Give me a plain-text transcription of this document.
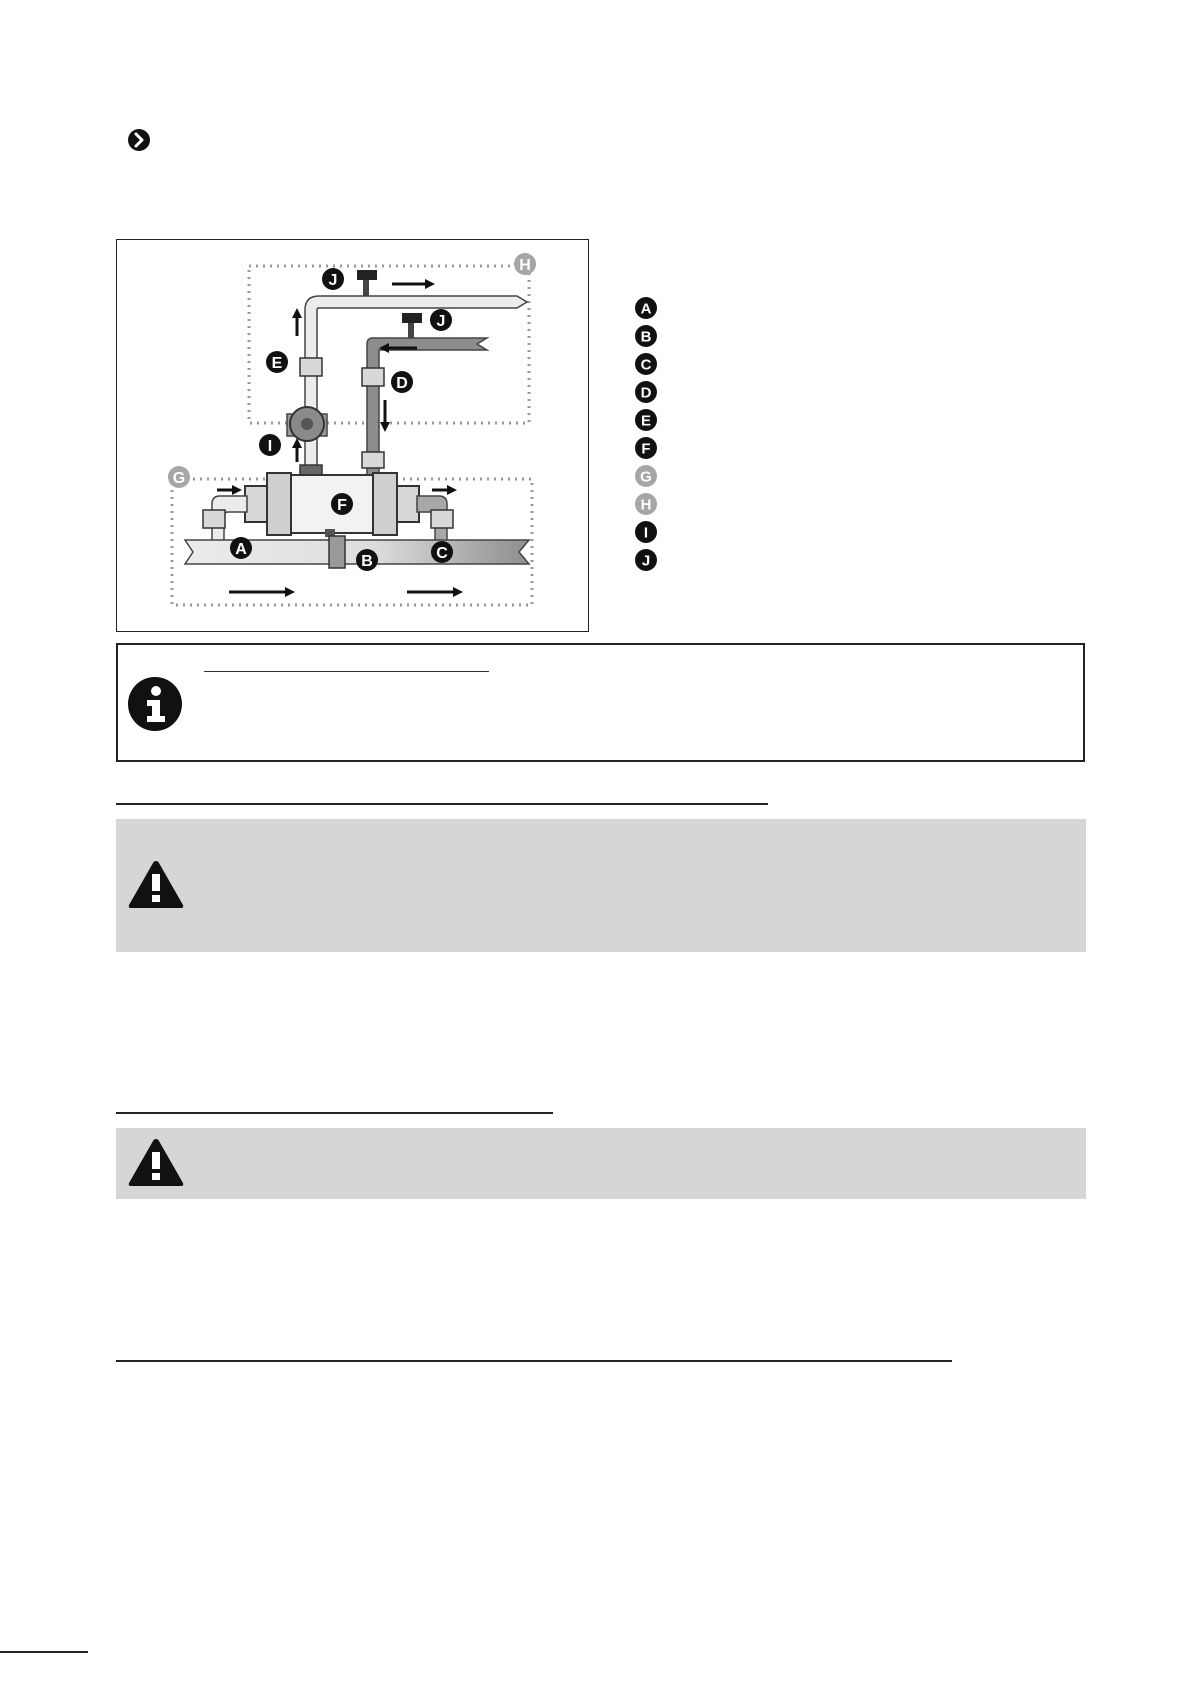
J
J
H
E
D
I
G
F
A
B	C
A
B
C
D
E
F
G
H
I
J
